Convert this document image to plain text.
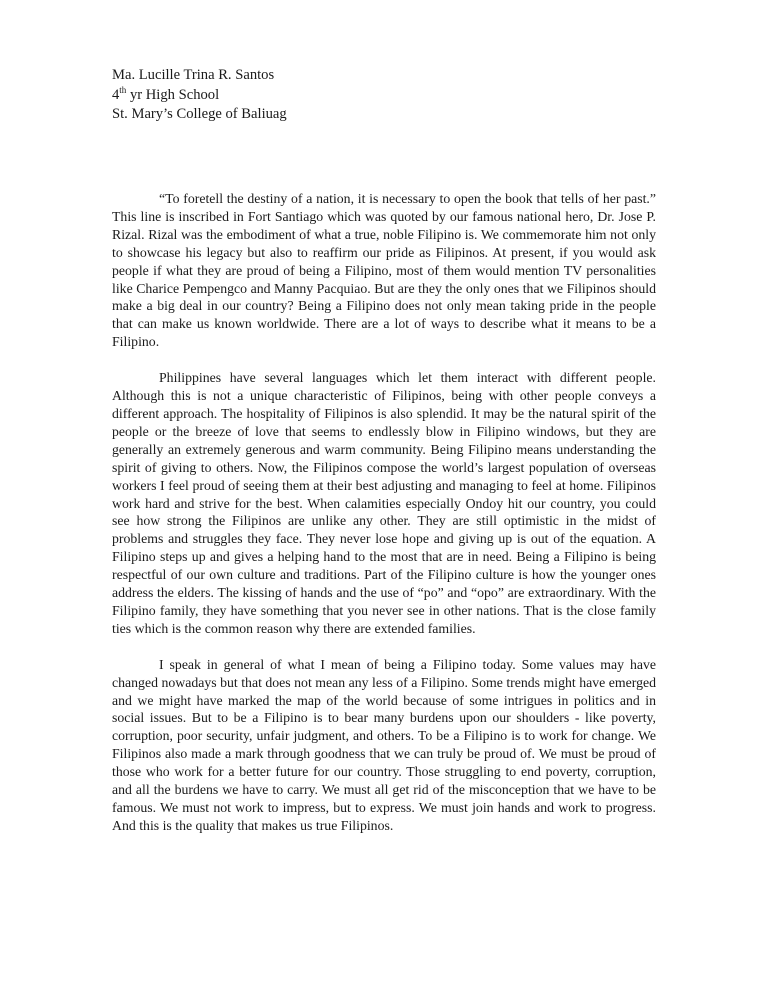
Ma. Lucille Trina R. Santos
4th yr High School
St. Mary’s College of Baliuag

“To foretell the destiny of a nation, it is necessary to open the book that tells of her past.” This line is inscribed in Fort Santiago which was quoted by our famous national hero, Dr. Jose P. Rizal. Rizal was the embodiment of what a true, noble Filipino is. We commemorate him not only to showcase his legacy but also to reaffirm our pride as Filipinos. At present, if you would ask people if what they are proud of being a Filipino, most of them would mention TV personalities like Charice Pempengco and Manny Pacquiao. But are they the only ones that we Filipinos should make a big deal in our country? Being a Filipino does not only mean taking pride in the people that can make us known worldwide. There are a lot of ways to describe what it means to be a Filipino.

Philippines have several languages which let them interact with different people. Although this is not a unique characteristic of Filipinos, being with other people conveys a different approach. The hospitality of Filipinos is also splendid. It may be the natural spirit of the people or the breeze of love that seems to endlessly blow in Filipino windows, but they are generally an extremely generous and warm community. Being Filipino means understanding the spirit of giving to others. Now, the Filipinos compose the world’s largest population of overseas workers I feel proud of seeing them at their best adjusting and managing to feel at home. Filipinos work hard and strive for the best. When calamities especially Ondoy hit our country, you could see how strong the Filipinos are unlike any other. They are still optimistic in the midst of problems and struggles they face. They never lose hope and giving up is out of the equation. A Filipino steps up and gives a helping hand to the most that are in need. Being a Filipino is being respectful of our own culture and traditions. Part of the Filipino culture is how the younger ones address the elders. The kissing of hands and the use of “po” and “opo” are extraordinary. With the Filipino family, they have something that you never see in other nations. That is the close family ties which is the common reason why there are extended families.

I speak in general of what I mean of being a Filipino today. Some values may have changed nowadays but that does not mean any less of a Filipino. Some trends might have emerged and we might have marked the map of the world because of some intrigues in politics and in social issues. But to be a Filipino is to bear many burdens upon our shoulders - like poverty, corruption, poor security, unfair judgment, and others. To be a Filipino is to work for change. We Filipinos also made a mark through goodness that we can truly be proud of. We must be proud of those who work for a better future for our country. Those struggling to end poverty, corruption, and all the burdens we have to carry. We must all get rid of the misconception that we have to be famous. We must not work to impress, but to express. We must join hands and work to progress. And this is the quality that makes us true Filipinos.
